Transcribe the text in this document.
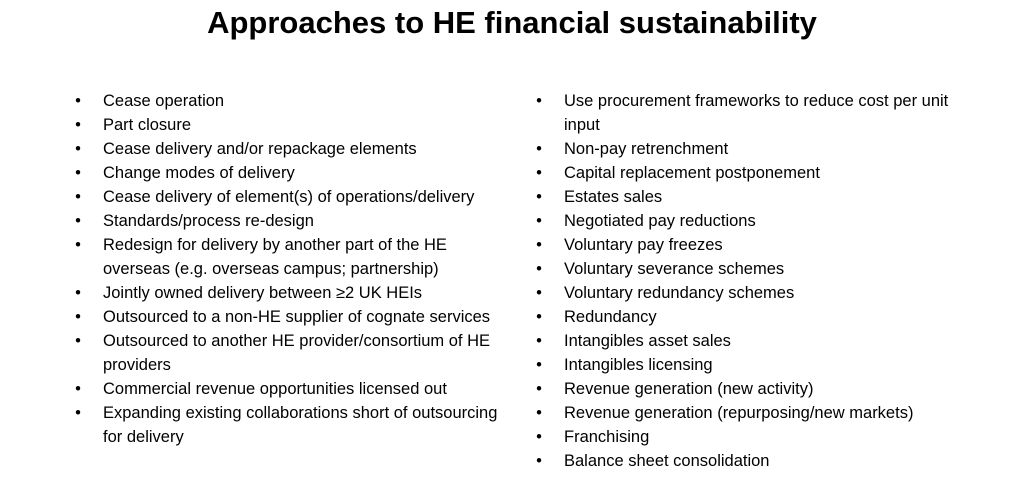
Approaches to HE financial sustainability
• Cease operation
• Part closure
• Cease delivery and/or repackage elements
• Change modes of delivery
• Cease delivery of element(s) of operations/delivery
• Standards/process re-design
• Redesign for delivery by another part of the HE overseas (e.g. overseas campus; partnership)
• Jointly owned delivery between ≥2 UK HEIs
• Outsourced to a non-HE supplier of cognate services
• Outsourced to another HE provider/consortium of HE providers
• Commercial revenue opportunities licensed out
• Expanding existing collaborations short of outsourcing for delivery
• Use procurement frameworks to reduce cost per unit input
• Non-pay retrenchment
• Capital replacement postponement
• Estates sales
• Negotiated pay reductions
• Voluntary pay freezes
• Voluntary severance schemes
• Voluntary redundancy schemes
• Redundancy
• Intangibles asset sales
• Intangibles licensing
• Revenue generation (new activity)
• Revenue generation (repurposing/new markets)
• Franchising
• Balance sheet consolidation
